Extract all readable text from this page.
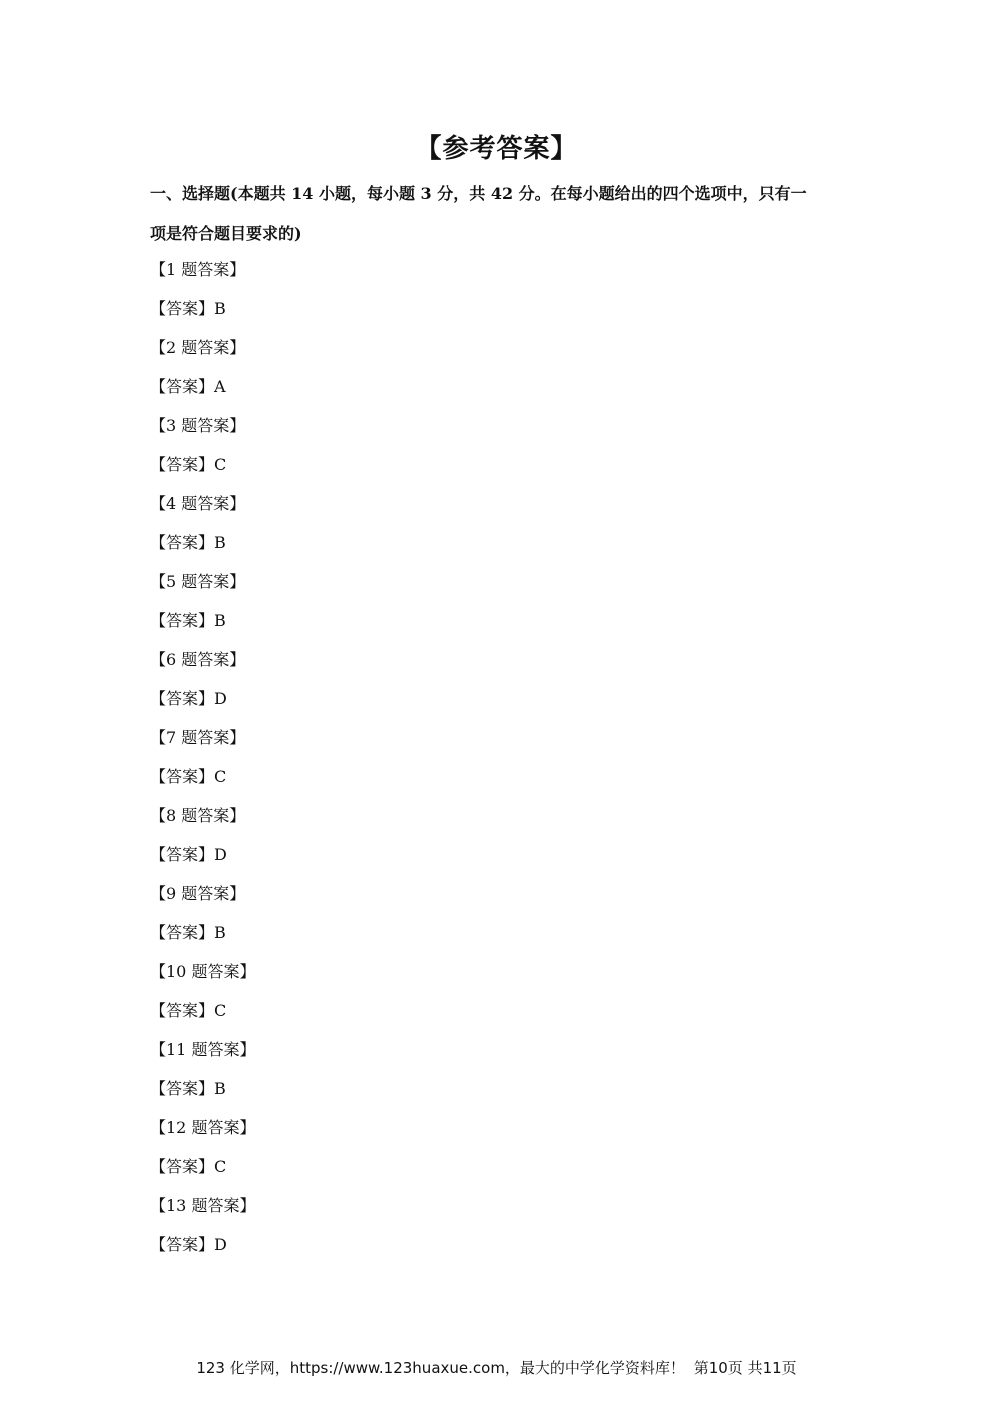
【参考答案】
一、选择题(本题共 14 小题，每小题 3 分，共 42 分。在每小题给出的四个选项中，只有一
项是符合题目要求的)
【1 题答案】
【答案】B
【2 题答案】
【答案】A
【3 题答案】
【答案】C
【4 题答案】
【答案】B
【5 题答案】
【答案】B
【6 题答案】
【答案】D
【7 题答案】
【答案】C
【8 题答案】
【答案】D
【9 题答案】
【答案】B
【10 题答案】
【答案】C
【11 题答案】
【答案】B
【12 题答案】
【答案】C
【13 题答案】
【答案】D
123 化学网，https://www.123huaxue.com，最大的中学化学资料库！ 第10页 共11页
